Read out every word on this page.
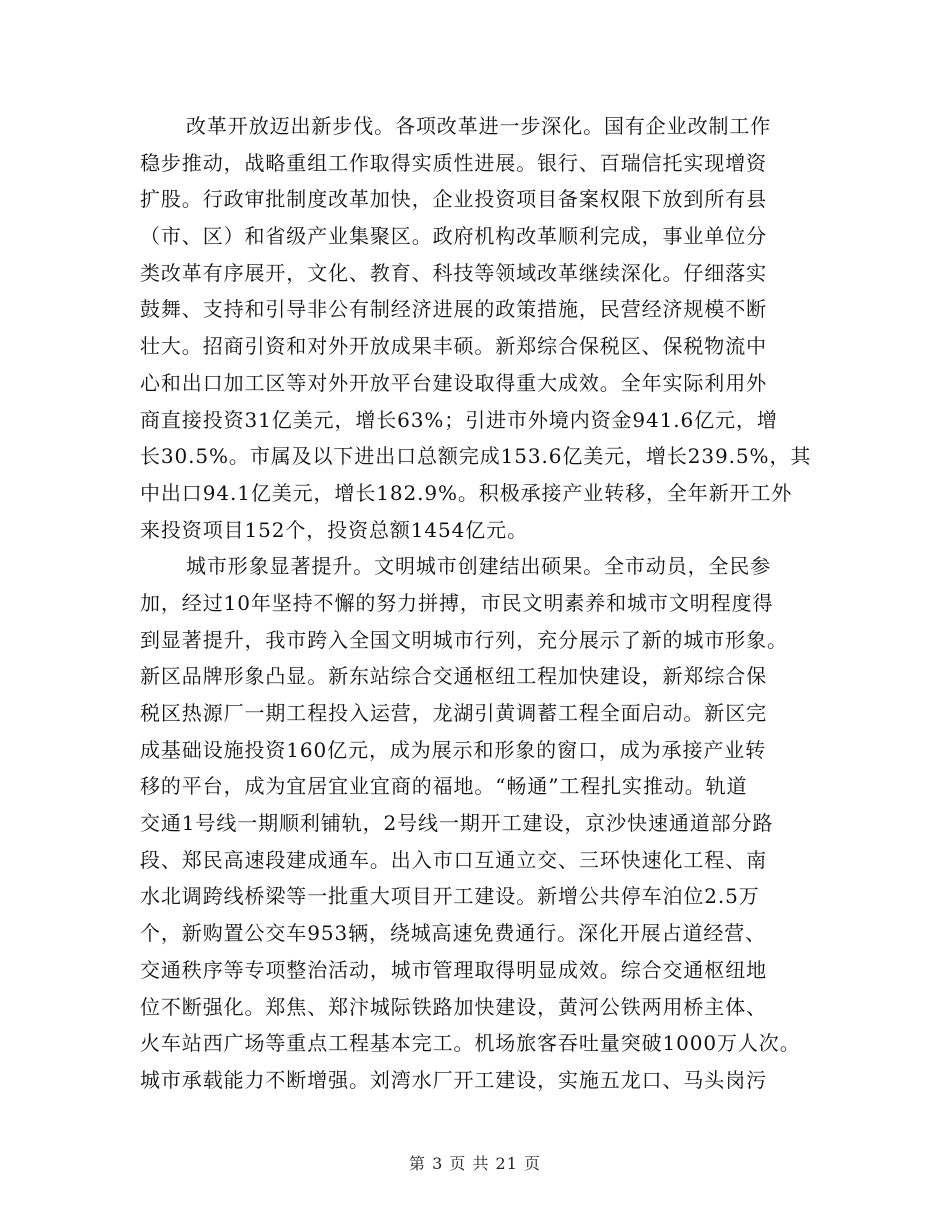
改革开放迈出新步伐。各项改革进一步深化。国有企业改制工作
稳步推动，战略重组工作取得实质性进展。银行、百瑞信托实现增资
扩股。行政审批制度改革加快，企业投资项目备案权限下放到所有县
（市、区）和省级产业集聚区。政府机构改革顺利完成，事业单位分
类改革有序展开，文化、教育、科技等领域改革继续深化。仔细落实
鼓舞、支持和引导非公有制经济进展的政策措施，民营经济规模不断
壮大。招商引资和对外开放成果丰硕。新郑综合保税区、保税物流中
心和出口加工区等对外开放平台建设取得重大成效。全年实际利用外
商直接投资31亿美元，增长63%；引进市外境内资金941.6亿元，增
长30.5%。市属及以下进出口总额完成153.6亿美元，增长239.5%，其
中出口94.1亿美元，增长182.9%。积极承接产业转移，全年新开工外
来投资项目152个，投资总额1454亿元。
城市形象显著提升。文明城市创建结出硕果。全市动员，全民参
加，经过10年坚持不懈的努力拼搏，市民文明素养和城市文明程度得
到显著提升，我市跨入全国文明城市行列，充分展示了新的城市形象。
新区品牌形象凸显。新东站综合交通枢纽工程加快建设，新郑综合保
税区热源厂一期工程投入运营，龙湖引黄调蓄工程全面启动。新区完
成基础设施投资160亿元，成为展示和形象的窗口，成为承接产业转
移的平台，成为宜居宜业宜商的福地。“畅通”工程扎实推动。轨道
交通1号线一期顺利铺轨，2号线一期开工建设，京沙快速通道部分路
段、郑民高速段建成通车。出入市口互通立交、三环快速化工程、南
水北调跨线桥梁等一批重大项目开工建设。新增公共停车泊位2.5万
个，新购置公交车953辆，绕城高速免费通行。深化开展占道经营、
交通秩序等专项整治活动，城市管理取得明显成效。综合交通枢纽地
位不断强化。郑焦、郑汴城际铁路加快建设，黄河公铁两用桥主体、
火车站西广场等重点工程基本完工。机场旅客吞吐量突破1000万人次。
城市承载能力不断增强。刘湾水厂开工建设，实施五龙口、马头岗污
第 3 页 共 21 页
